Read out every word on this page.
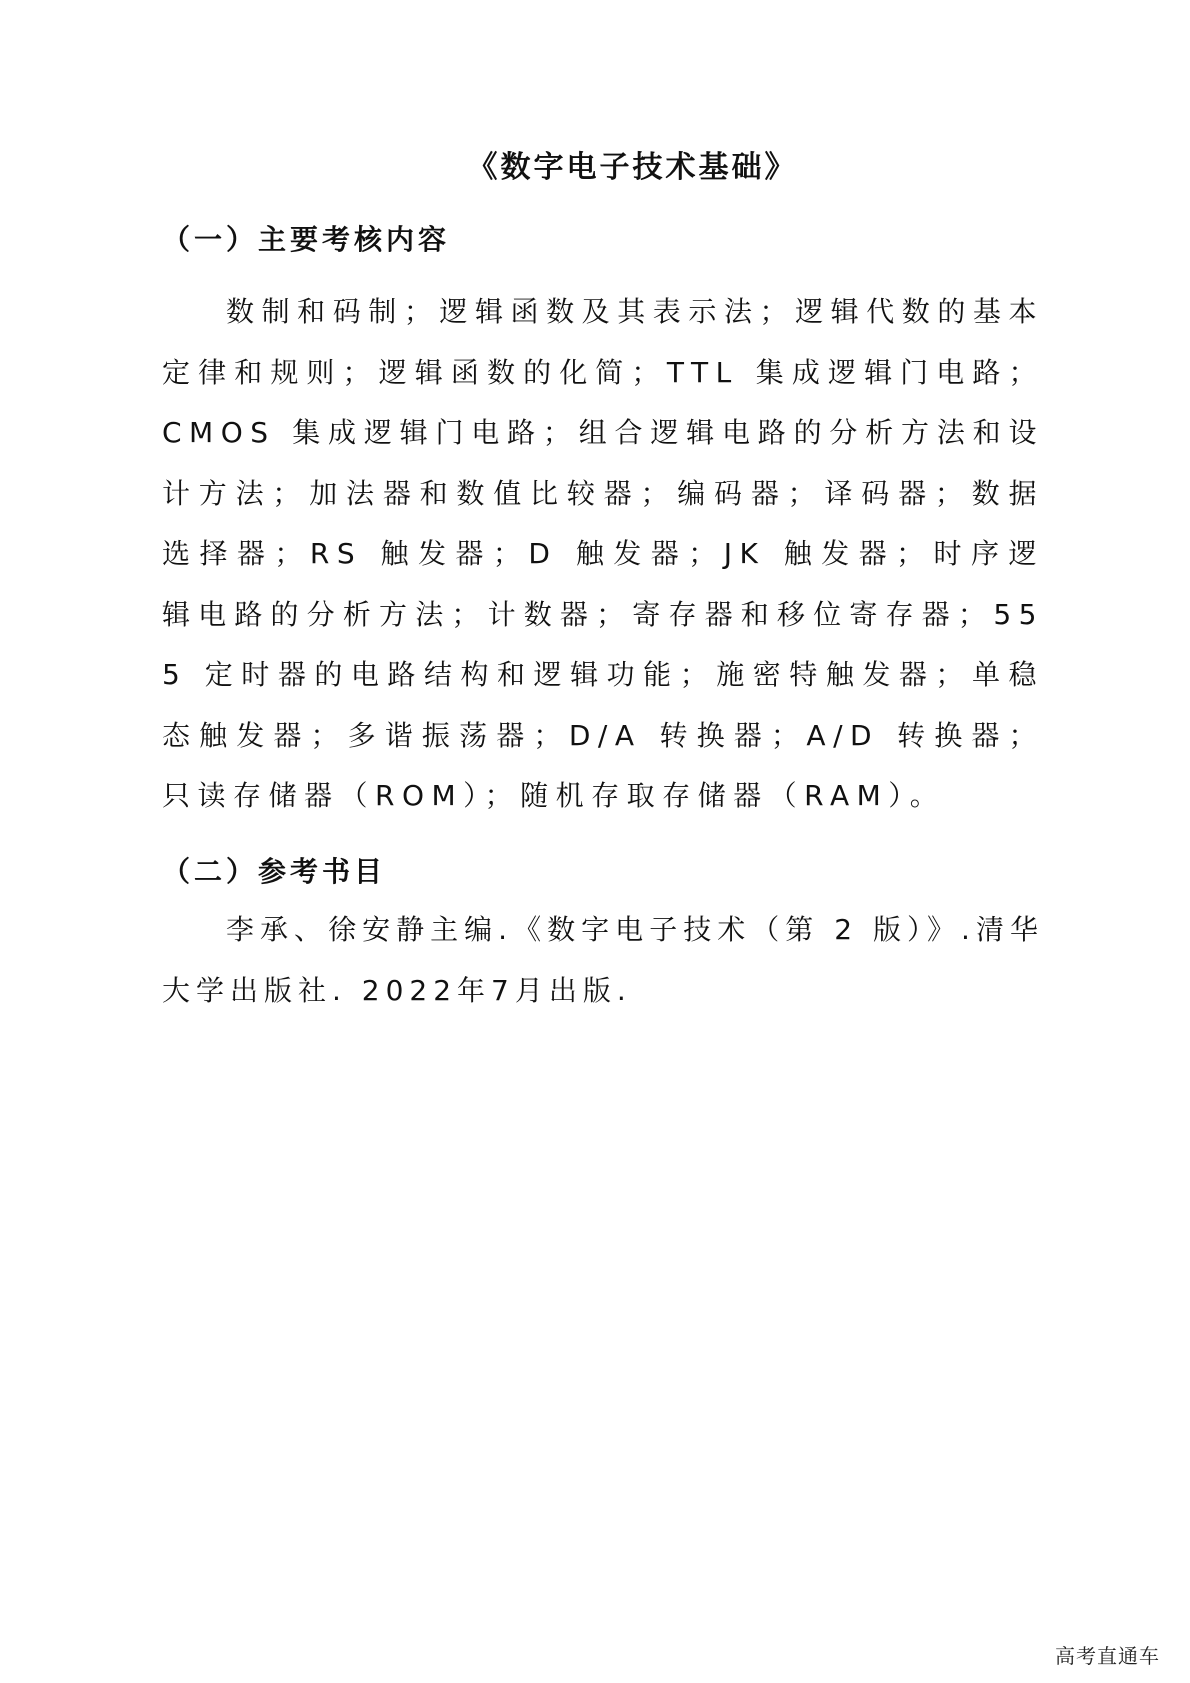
《数字电子技术基础》
（一）主要考核内容

数制和码制；逻辑函数及其表示法；逻辑代数的基本定律和规则；逻辑函数的化简；TTL 集成逻辑门电路；CMOS 集成逻辑门电路；组合逻辑电路的分析方法和设计方法；加法器和数值比较器；编码器；译码器；数据选择器；RS 触发器；D 触发器；JK 触发器；时序逻辑电路的分析方法；计数器；寄存器和移位寄存器；555 定时器的电路结构和逻辑功能；施密特触发器；单稳态触发器；多谐振荡器；D/A 转换器；A/D 转换器；只读存储器（ROM）；随机存取存储器（RAM）。

（二）参考书目

李承、徐安静主编.《数字电子技术（第 2 版）》.清华大学出版社. 2022年7月出版.

高考直通车
